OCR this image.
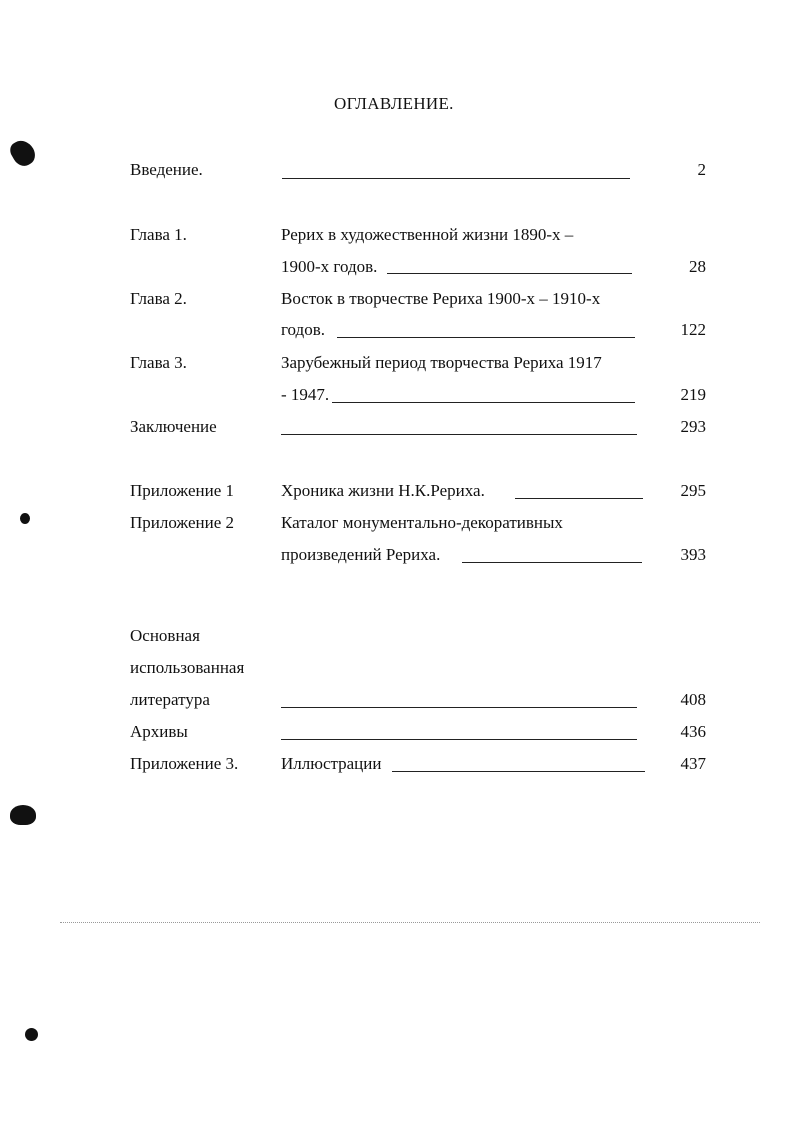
ОГЛАВЛЕНИЕ.
Введение.	2
Глава 1.	Рерих в художественной жизни 1890-х –
1900-х годов.	28
Глава 2.	Восток в творчестве Рериха 1900-х – 1910-х
годов.	122
Глава 3.	Зарубежный период творчества Рериха 1917
- 1947.	219
Заключение	293
Приложение 1	Хроника жизни Н.К.Рериха.	295
Приложение 2	Каталог монументально-декоративных
произведений Рериха.	393
Основная
использованная
литература	408
Архивы	436
Приложение 3.	Иллюстрации	437
